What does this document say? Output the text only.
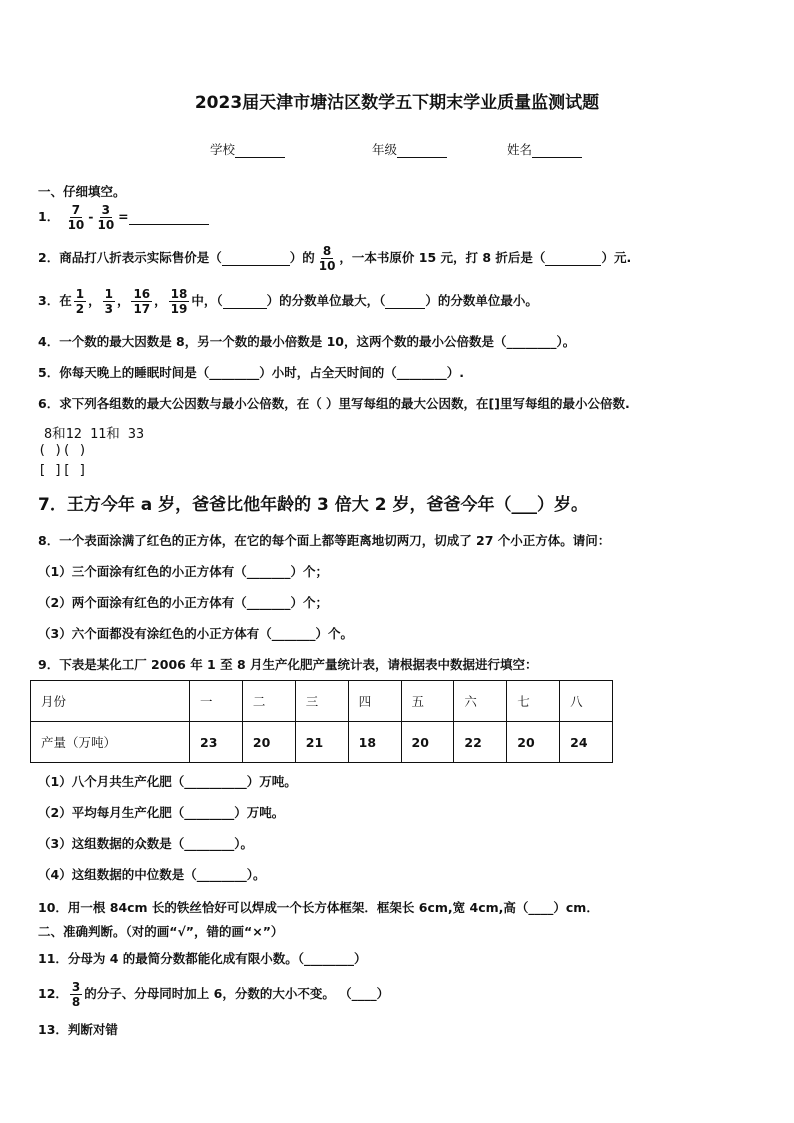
2023届天津市塘沽区数学五下期末学业质量监测试题
学校	年级	姓名
一、仔细填空。
1． $\frac{7}{10} - \frac{3}{10}$ =
2．商品打八折表示实际售价是（	）的 $\frac{8}{10}$ ，一本书原价 15 元，打 8 折后是（	）元.
3．在 $\frac{1}{2}$ ， $\frac{1}{3}$ ， $\frac{16}{17}$ ， $\frac{18}{19}$ 中，（	）的分数单位最大，（	）的分数单位最小。
4．一个数的最大因数是 8，另一个数的最小倍数是 10，这两个数的最小公倍数是（________）。
5．你每天晚上的睡眠时间是（________）小时，占全天时间的（________）.
6．求下列各组数的最大公因数与最小公倍数，在（ ）里写每组的最大公因数，在[]里写每组的最小公倍数.
8和12 11和 33
( )( )
[ ][ ]
7．王方今年 a 岁，爸爸比他年龄的 3 倍大 2 岁，爸爸今年（___）岁。
8．一个表面涂满了红色的正方体，在它的每个面上都等距离地切两刀，切成了 27 个小正方体。请问：
（1）三个面涂有红色的小正方体有（_______）个；
（2）两个面涂有红色的小正方体有（_______）个；
（3）六个面都没有涂红色的小正方体有（_______）个。
9．下表是某化工厂 2006 年 1 至 8 月生产化肥产量统计表，请根据表中数据进行填空：
月份	一	二	三	四	五	六	七	八
产量（万吨）	23	20	21	18	20	22	20	24
（1）八个月共生产化肥（__________）万吨。
（2）平均每月生产化肥（________）万吨。
（3）这组数据的众数是（________）。
（4）这组数据的中位数是（________）。
10．用一根 84cm 长的铁丝恰好可以焊成一个长方体框架．框架长 6cm,宽 4cm,高（____）cm．
二、准确判断。（对的画“√”，错的画“×”）
11．分母为 4 的最简分数都能化成有限小数。（________）
12． $\frac{3}{8}$ 的分子、分母同时加上 6，分数的大小不变。 （____）
13．判断对错
